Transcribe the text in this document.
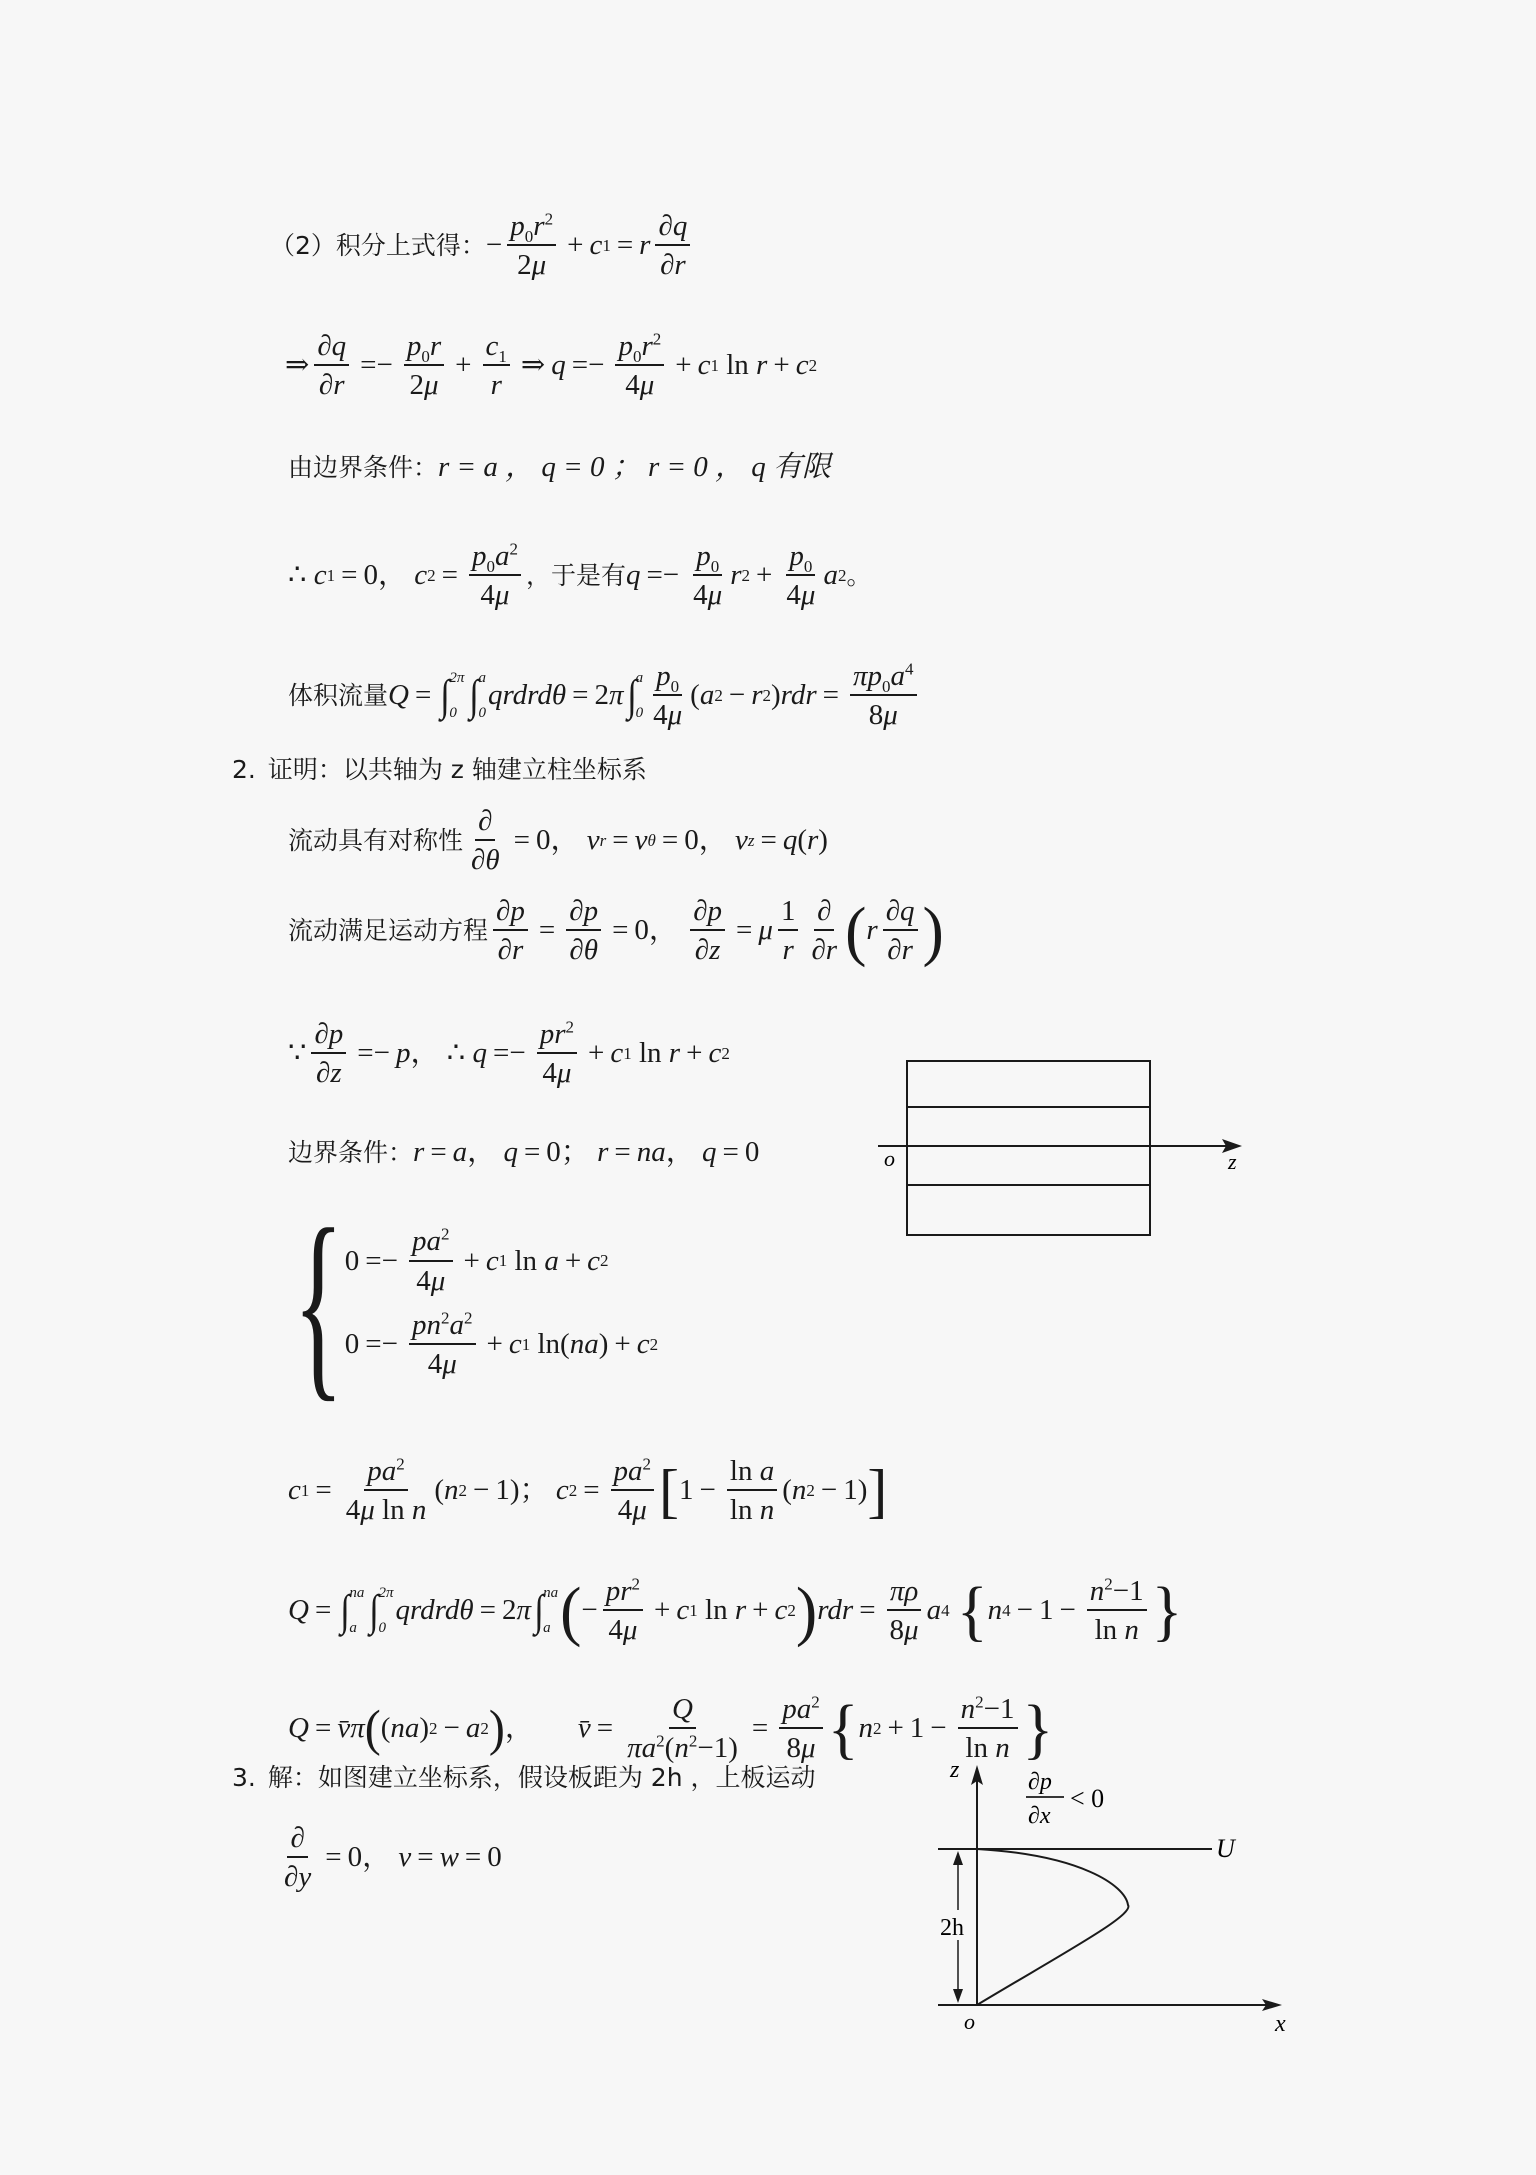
（2）积分上式得： − $\frac{p_0r^2}{2\mu} + c$ 1 = r $\frac{\partial q}{\partial r}$
⇒ $\frac{\partial q}{\partial r} =- \frac{p_0r}{2\mu} + \frac{c_1}{r}$ ⇒ $q =- \frac{p_0r^2}{4\mu} + c$ 1 ln r + c 2
由边界条件： r = a ， q = 0 ； r = 0 ， q 有限
∴
c 1 = 0， c $2 = \frac{p_0a^2}{4\mu}$ ，于是有 $q =- \frac{p_0}{4\mu}$ r $2 + \frac{p_0}{4\mu}$ a 2 。
体积流量 Q = ∫ 2π
0 ∫ a
0
qrdrdθ = 2 π ∫ a
$0 \frac{p_0}{4\mu}$ ( a 2 − r 2 ) rdr = $\frac{\pi p_0a^4}{8\mu}$
2. 证明：以共轴为 z 轴建立柱坐标系
流动具有对称性 $\frac{\partial}{\partial\theta} = 0$， v r = v θ = 0， v z = q ( r )
流动满足运动方程 $\frac{\partial p}{\partial r} = \frac{\partial p}{\partial\theta} = 0$， $\frac{\partial p}{\partial z} = \mu \frac{1}{r} \frac{\partial}{\partial r}$ ( r $\frac{\partial q}{\partial r}$ )
∵ $\frac{\partial p}{\partial z} =- p$ ， ∴
$q =- \frac{pr^2}{4\mu} + c$ 1 ln r + c 2
边界条件： r = a ， q = 0； r = na ， q = 0
{ $0 =- \frac{pa^2}{4\mu} + c$ 1 ln a + c 2
$0 =- \frac{pn^2a^2}{4\mu} + c$ 1 ln( na ) + c 2
c $1 = \frac{pa^2}{\text{4μ ln n}}$ ( n 2 − 1)； c $2 = \frac{pa^2}{4\mu}$ [ $1 - \frac{\text{ln a}}{\text{ln n}}$ ( n 2 − 1) ]
Q = ∫ na
a ∫ 2π
0
qrdrdθ = 2 π ∫ na
a ( − $\frac{pr^2}{4\mu} + c$ 1 ln r + c 2 ) rdr = $\frac{\pi\rho}{8\mu}$ a 4
{ n $4 - 1 - \frac{n^2-1}{\text{ln n}}$ }
Q = v̄ π ( ( na ) 2 − a 2 ) ， v̄ = $\frac{Q}{\pi a^2(n^2-1)} = \frac{pa^2}{8\mu}$ { n $2 + 1 - \frac{n^2-1}{\text{ln n}}$ }
3. 解：如图建立坐标系，假设板距为 2h ，上板运动
$\frac{\partial}{\partial y} = 0$， v = w = 0
o	z
2h
z
x
o
U
∂p
∂x
< 0
